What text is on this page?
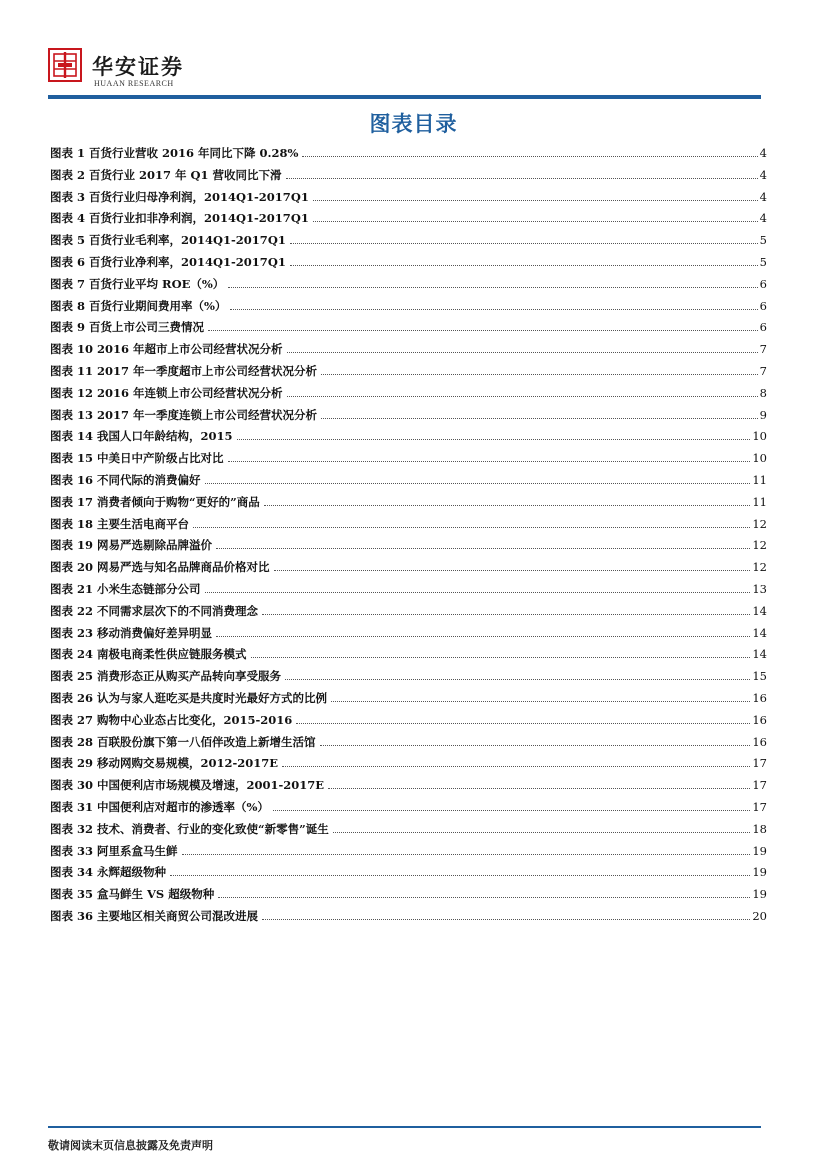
华安证券
HUAAN RESEARCH
图表目录
图表 1 百货行业营收 2016 年同比下降 0.28%	4
图表 2 百货行业 2017 年 Q1 营收同比下滑	4
图表 3 百货行业归母净利润，2014Q1-2017Q1	4
图表 4 百货行业扣非净利润，2014Q1-2017Q1	4
图表 5 百货行业毛利率，2014Q1-2017Q1	5
图表 6 百货行业净利率，2014Q1-2017Q1	5
图表 7 百货行业平均 ROE（%）	6
图表 8 百货行业期间费用率（%）	6
图表 9 百货上市公司三费情况	6
图表 10 2016 年超市上市公司经营状况分析	7
图表 11 2017 年一季度超市上市公司经营状况分析	7
图表 12 2016 年连锁上市公司经营状况分析	8
图表 13 2017 年一季度连锁上市公司经营状况分析	9
图表 14 我国人口年龄结构，2015	10
图表 15 中美日中产阶级占比对比	10
图表 16 不同代际的消费偏好	11
图表 17 消费者倾向于购物“更好的”商品	11
图表 18 主要生活电商平台	12
图表 19 网易严选剔除品牌溢价	12
图表 20 网易严选与知名品牌商品价格对比	12
图表 21 小米生态链部分公司	13
图表 22 不同需求层次下的不同消费理念	14
图表 23 移动消费偏好差异明显	14
图表 24 南极电商柔性供应链服务模式	14
图表 25 消费形态正从购买产品转向享受服务	15
图表 26 认为与家人逛吃买是共度时光最好方式的比例	16
图表 27 购物中心业态占比变化，2015-2016	16
图表 28 百联股份旗下第一八佰伴改造上新增生活馆	16
图表 29 移动网购交易规模，2012-2017E	17
图表 30 中国便利店市场规模及增速，2001-2017E	17
图表 31 中国便利店对超市的渗透率（%）	17
图表 32 技术、消费者、行业的变化致使“新零售”诞生	18
图表 33 阿里系盒马生鲜	19
图表 34 永辉超级物种	19
图表 35 盒马鲜生 VS 超级物种	19
图表 36 主要地区相关商贸公司混改进展	20
敬请阅读末页信息披露及免责声明
